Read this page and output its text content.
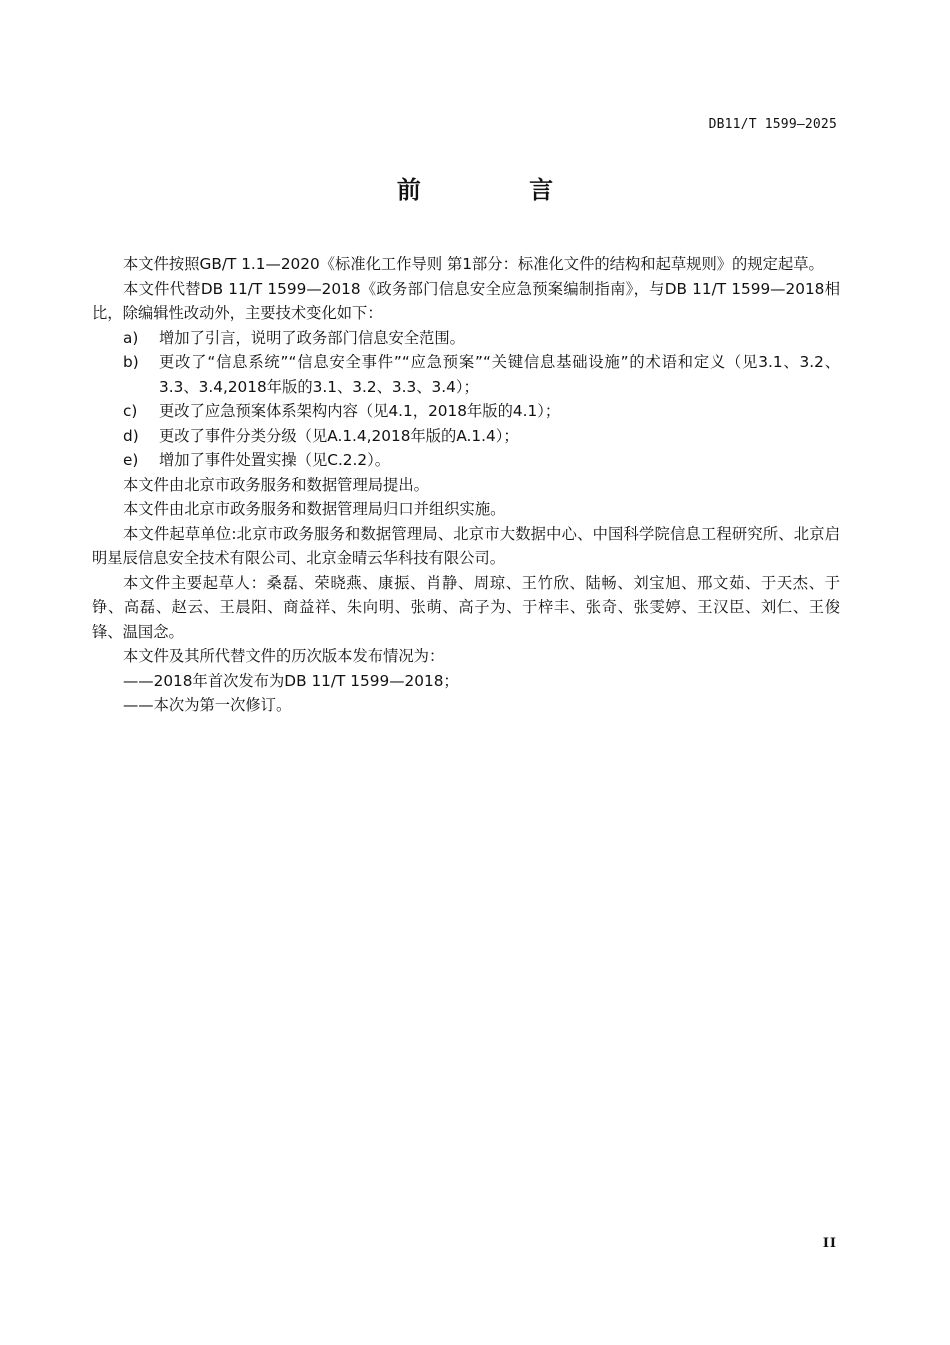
DB11/T 1599—2025
前 言

本文件按照GB/T 1.1—2020《标准化工作导则 第1部分：标准化文件的结构和起草规则》的规定起草。

本文件代替DB 11/T 1599—2018《政务部门信息安全应急预案编制指南》，与DB 11/T 1599—2018相比，除编辑性改动外，主要技术变化如下：

a)	增加了引言，说明了政务部门信息安全范围。
b)	更改了“信息系统”“信息安全事件”“应急预案”“关键信息基础设施”的术语和定义（见3.1、3.2、3.3、3.4,2018年版的3.1、3.2、3.3、3.4）；
c)	更改了应急预案体系架构内容（见4.1，2018年版的4.1）；
d)	更改了事件分类分级（见A.1.4,2018年版的A.1.4）；
e)	增加了事件处置实操（见C.2.2）。

本文件由北京市政务服务和数据管理局提出。

本文件由北京市政务服务和数据管理局归口并组织实施。

本文件起草单位:北京市政务服务和数据管理局、北京市大数据中心、中国科学院信息工程研究所、北京启明星辰信息安全技术有限公司、北京金晴云华科技有限公司。

本文件主要起草人：桑磊、荣晓燕、康振、肖静、周琼、王竹欣、陆畅、刘宝旭、邢文茹、于天杰、于铮、高磊、赵云、王晨阳、商益祥、朱向明、张萌、高子为、于梓丰、张奇、张雯婷、王汉臣、刘仁、王俊锋、温国念。

本文件及其所代替文件的历次版本发布情况为：

——2018年首次发布为DB 11/T 1599—2018；

——本次为第一次修订。

II
